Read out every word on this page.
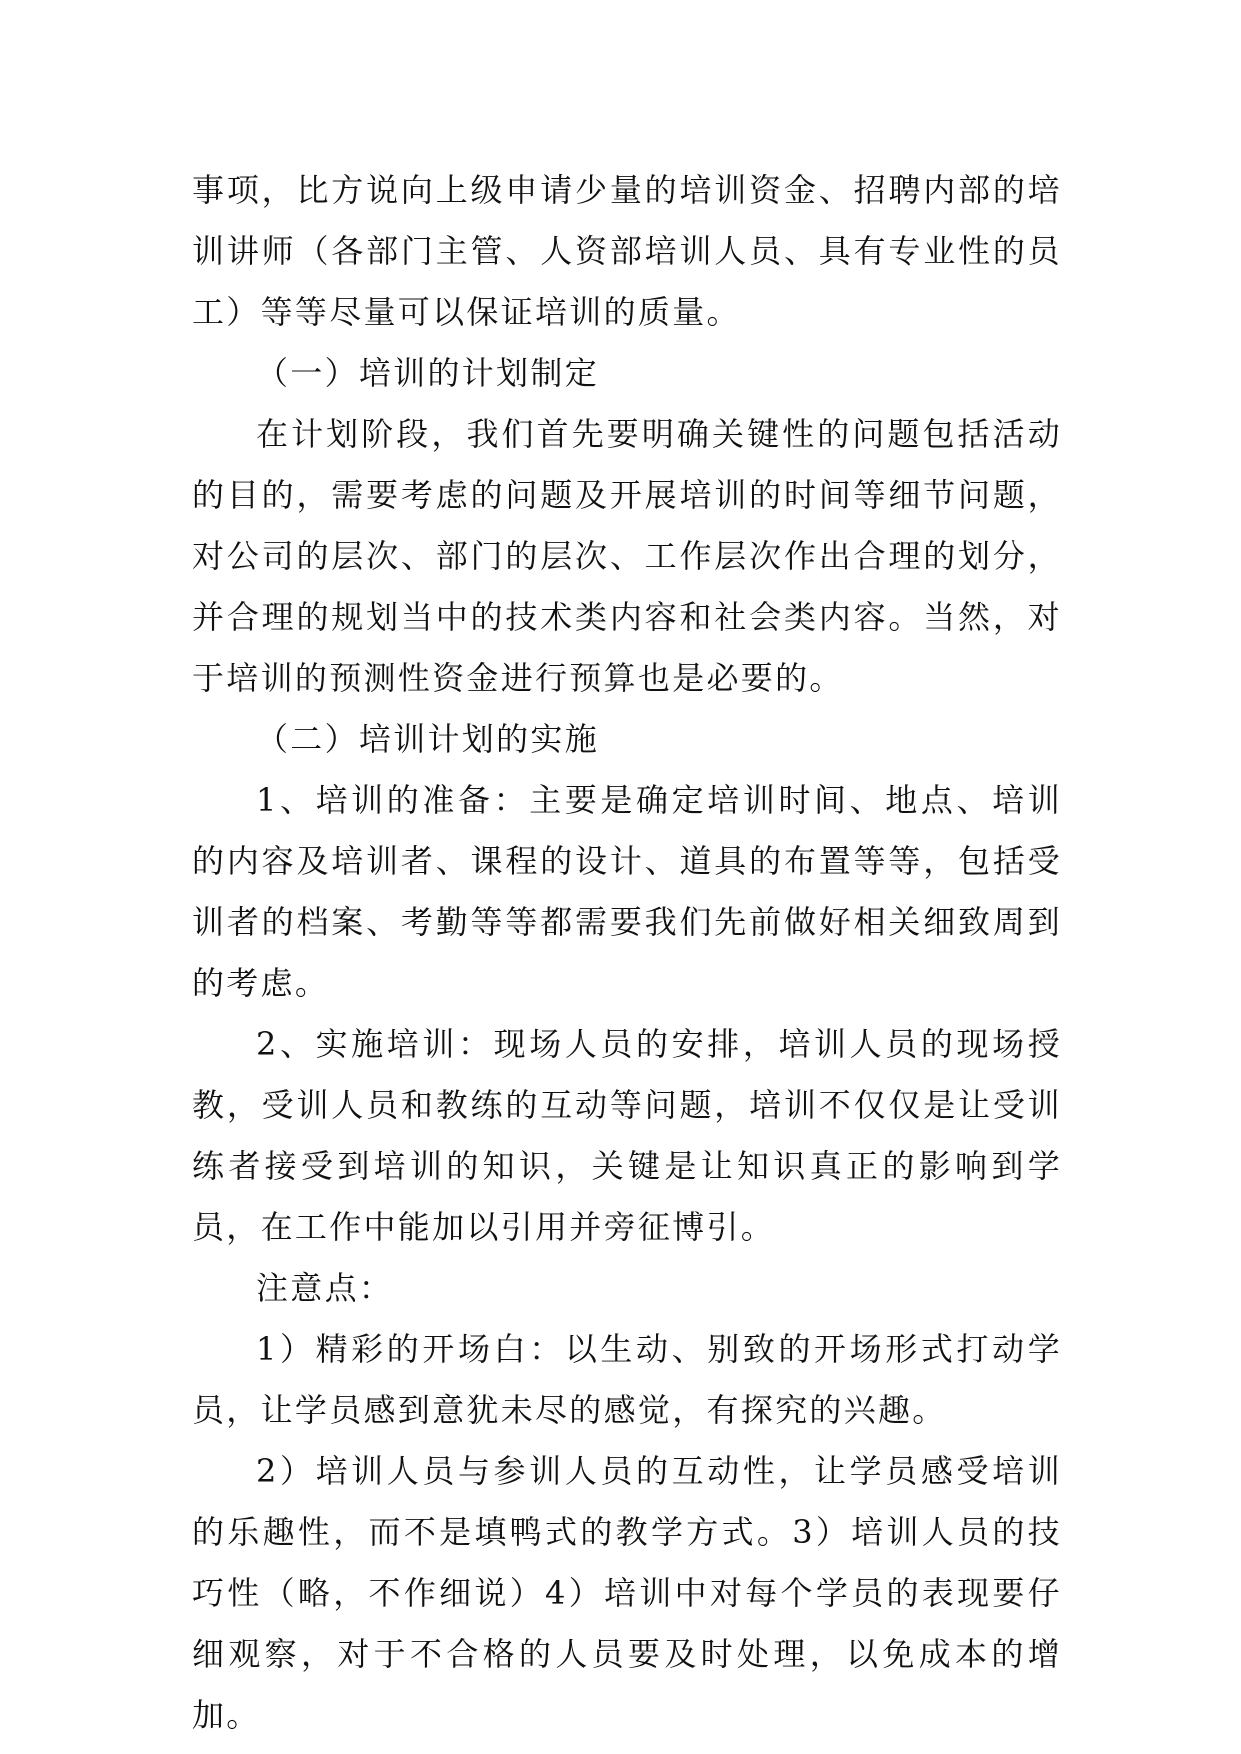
事项，比方说向上级申请少量的培训资金、招聘内部的培训讲师（各部门主管、人资部培训人员、具有专业性的员工）等等尽量可以保证培训的质量。

（一）培训的计划制定

在计划阶段，我们首先要明确关键性的问题包括活动的目的，需要考虑的问题及开展培训的时间等细节问题，对公司的层次、部门的层次、工作层次作出合理的划分，并合理的规划当中的技术类内容和社会类内容。当然，对于培训的预测性资金进行预算也是必要的。

（二）培训计划的实施

1、培训的准备：主要是确定培训时间、地点、培训的内容及培训者、课程的设计、道具的布置等等，包括受训者的档案、考勤等等都需要我们先前做好相关细致周到的考虑。

2、实施培训：现场人员的安排，培训人员的现场授教，受训人员和教练的互动等问题，培训不仅仅是让受训练者接受到培训的知识，关键是让知识真正的影响到学员，在工作中能加以引用并旁征博引。

注意点：

1）精彩的开场白：以生动、别致的开场形式打动学员，让学员感到意犹未尽的感觉，有探究的兴趣。

2）培训人员与参训人员的互动性，让学员感受培训的乐趣性，而不是填鸭式的教学方式。3）培训人员的技巧性（略，不作细说）4）培训中对每个学员的表现要仔细观察，对于不合格的人员要及时处理，以免成本的增加。
